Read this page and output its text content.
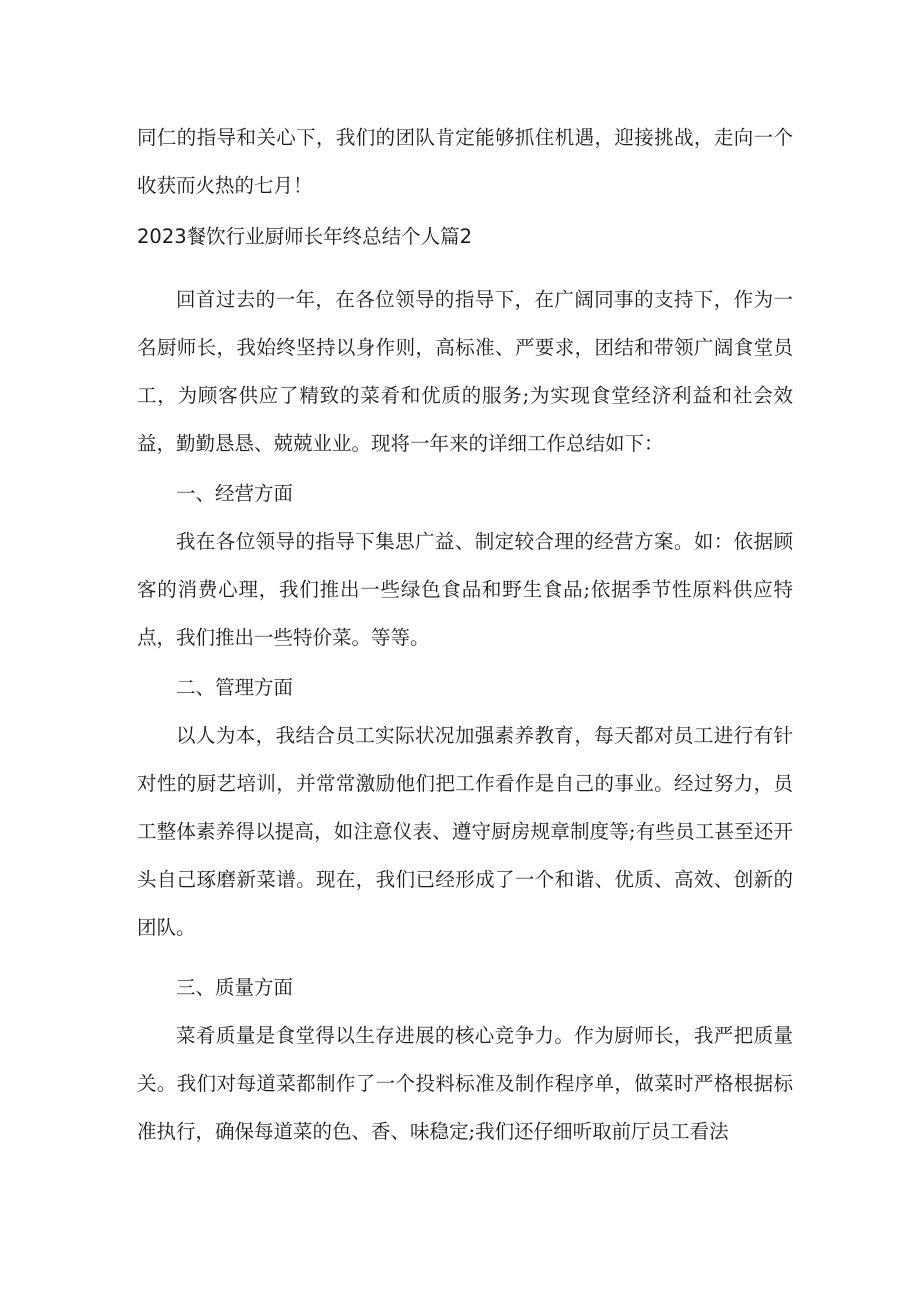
同仁的指导和关心下，我们的团队肯定能够抓住机遇，迎接挑战，走向一个收获而火热的七月！

2023餐饮行业厨师长年终总结个人篇2

回首过去的一年，在各位领导的指导下，在广阔同事的支持下，作为一名厨师长，我始终坚持以身作则，高标准、严要求，团结和带领广阔食堂员工，为顾客供应了精致的菜肴和优质的服务;为实现食堂经济利益和社会效益，勤勤恳恳、兢兢业业。现将一年来的详细工作总结如下：

一、经营方面

我在各位领导的指导下集思广益、制定较合理的经营方案。如：依据顾客的消费心理，我们推出一些绿色食品和野生食品;依据季节性原料供应特点，我们推出一些特价菜。等等。

二、管理方面

以人为本，我结合员工实际状况加强素养教育，每天都对员工进行有针对性的厨艺培训，并常常激励他们把工作看作是自己的事业。经过努力，员工整体素养得以提高，如注意仪表、遵守厨房规章制度等;有些员工甚至还开头自己琢磨新菜谱。现在，我们已经形成了一个和谐、优质、高效、创新的团队。

三、质量方面

菜肴质量是食堂得以生存进展的核心竞争力。作为厨师长，我严把质量关。我们对每道菜都制作了一个投料标准及制作程序单，做菜时严格根据标准执行，确保每道菜的色、香、味稳定;我们还仔细听取前厅员工看法
